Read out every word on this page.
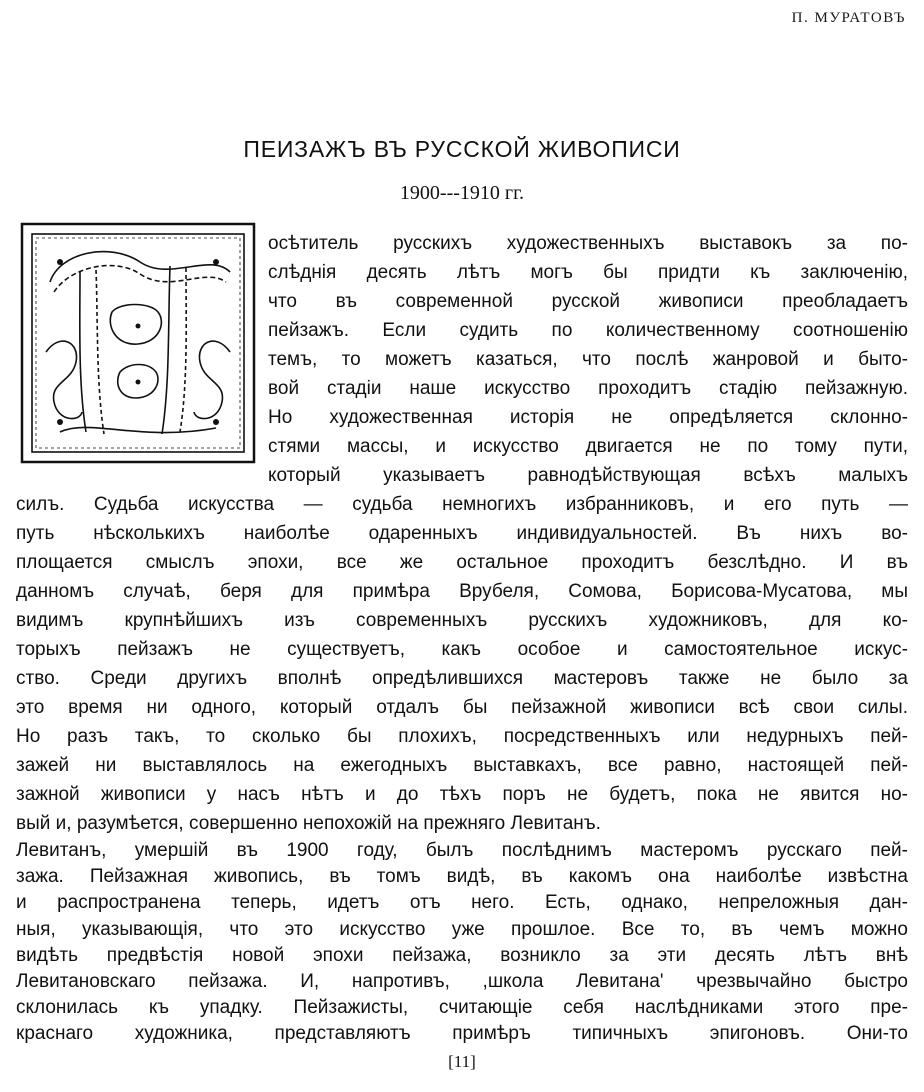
П. МУРАТОВЪ
ПЕИЗАЖЪ ВЪ РУССКОЙ ЖИВОПИСИ
1900---1910 гг.
осѣтитель русскихъ художественныхъ выставокъ за по-
слѣднія десять лѣтъ могъ бы придти къ заключенію,
что въ современной русской живописи преобладаетъ
пейзажъ. Если судить по количественному соотношенію
темъ, то можетъ казаться, что послѣ жанровой и быто-
вой стадіи наше искусство проходитъ стадію пейзажную.
Но художественная исторія не опредѣляется склонно-
стями массы, и искусство двигается не по тому пути,
который указываетъ равнодѣйствующая всѣхъ малыхъ
силъ. Судьба искусства — судьба немногихъ избранниковъ, и его путь —
путь нѣсколькихъ наиболѣе одаренныхъ индивидуальностей. Въ нихъ во-
площается смыслъ эпохи, все же остальное проходитъ безслѣдно. И въ
данномъ случаѣ, беря для примѣра Врубеля, Сомова, Борисова-Мусатова, мы
видимъ крупнѣйшихъ изъ современныхъ русскихъ художниковъ, для ко-
торыхъ пейзажъ не существуетъ, какъ особое и самостоятельное искус-
ство. Среди другихъ вполнѣ опредѣлившихся мастеровъ также не было за
это время ни одного, который отдалъ бы пейзажной живописи всѣ свои силы.
Но разъ такъ, то сколько бы плохихъ, посредственныхъ или недурныхъ пей-
зажей ни выставлялось на ежегодныхъ выставкахъ, все равно, настоящей пей-
зажной живописи у насъ нѣтъ и до тѣхъ поръ не будетъ, пока не явится но-
вый и, разумѣется, совершенно непохожій на прежняго Левитанъ.
Левитанъ, умершій въ 1900 году, былъ послѣднимъ мастеромъ русскаго пей-
зажа. Пейзажная живопись, въ томъ видѣ, въ какомъ она наиболѣе извѣстна
и распространена теперь, идетъ отъ него. Есть, однако, непреложныя дан-
ныя, указывающія, что это искусство уже прошлое. Все то, въ чемъ можно
видѣть предвѣстія новой эпохи пейзажа, возникло за эти десять лѣтъ внѣ
Левитановскаго пейзажа. И, напротивъ, ,школа Левитана' чрезвычайно быстро
склонилась къ упадку. Пейзажисты, считающіе себя наслѣдниками этого пре-
[11]
краснаго художника, представляютъ примѣръ типичныхъ эпигоновъ. Они-то
